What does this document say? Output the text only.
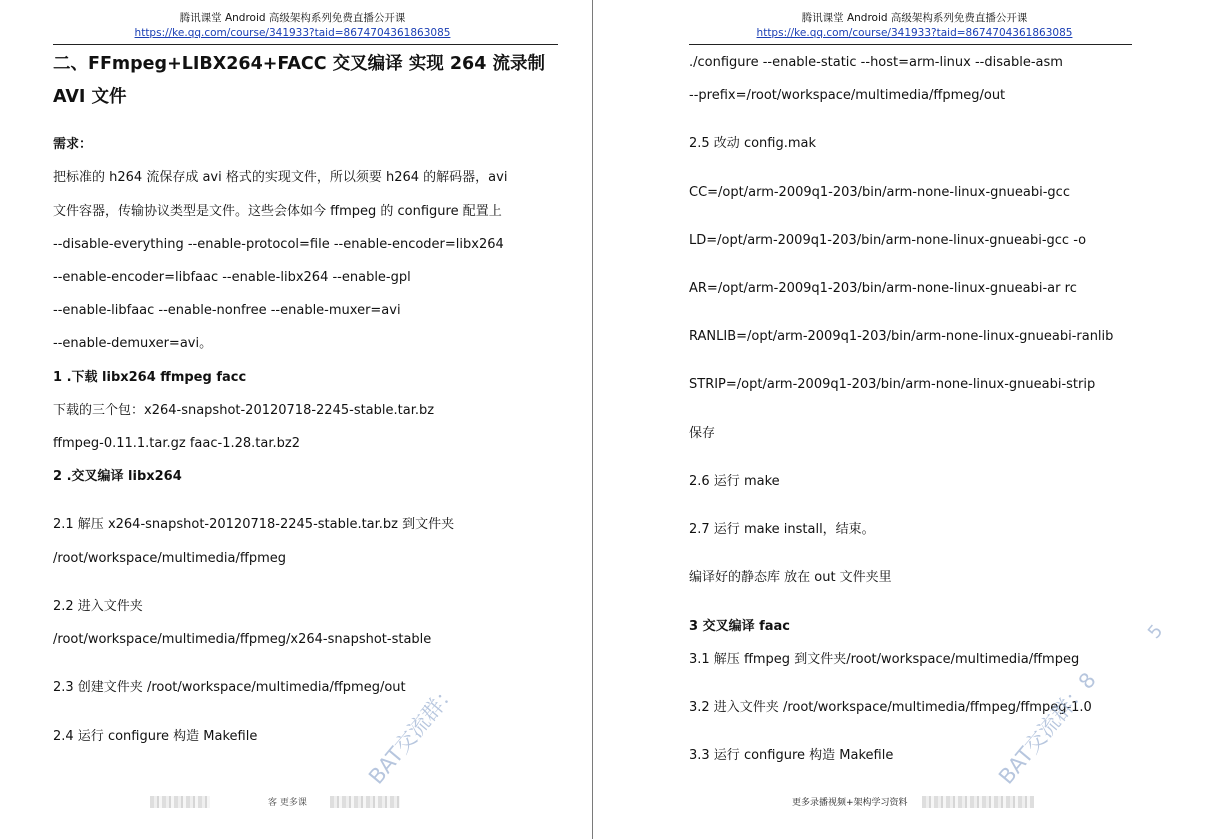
腾讯课堂 Android 高级架构系列免费直播公开课
https://ke.qq.com/course/341933?taid=8674704361863085
二、FFmpeg+LIBX264+FACC 交叉编译 实现 264 流录制
AVI 文件
需求：
把标准的 h264 流保存成 avi 格式的实现文件，所以须要 h264 的解码器，avi
文件容器，传输协议类型是文件。这些会体如今 ffmpeg 的 configure 配置上
--disable-everything --enable-protocol=file --enable-encoder=libx264
--enable-encoder=libfaac --enable-libx264 --enable-gpl
--enable-libfaac --enable-nonfree --enable-muxer=avi
--enable-demuxer=avi。
1 .下载 libx264 ffmpeg facc
下载的三个包：x264-snapshot-20120718-2245-stable.tar.bz
ffmpeg-0.11.1.tar.gz faac-1.28.tar.bz2
2 .交叉编译 libx264
2.1 解压 x264-snapshot-20120718-2245-stable.tar.bz 到文件夹
/root/workspace/multimedia/ffpmeg
2.2 进入文件夹
/root/workspace/multimedia/ffpmeg/x264-snapshot-stable
2.3 创建文件夹 /root/workspace/multimedia/ffpmeg/out
2.4 运行 configure 构造 Makefile
客 更多课
BAT交流群：
腾讯课堂 Android 高级架构系列免费直播公开课
https://ke.qq.com/course/341933?taid=8674704361863085
./configure --enable-static --host=arm-linux --disable-asm
--prefix=/root/workspace/multimedia/ffpmeg/out
2.5 改动 config.mak
CC=/opt/arm-2009q1-203/bin/arm-none-linux-gnueabi-gcc
LD=/opt/arm-2009q1-203/bin/arm-none-linux-gnueabi-gcc -o
AR=/opt/arm-2009q1-203/bin/arm-none-linux-gnueabi-ar rc
RANLIB=/opt/arm-2009q1-203/bin/arm-none-linux-gnueabi-ranlib
STRIP=/opt/arm-2009q1-203/bin/arm-none-linux-gnueabi-strip
保存
2.6 运行 make
2.7 运行 make install，结束。
编译好的静态库 放在 out 文件夹里
3 交叉编译 faac
3.1 解压 ffmpeg 到文件夹/root/workspace/multimedia/ffmpeg
3.2 进入文件夹 /root/workspace/multimedia/ffmpeg/ffmpeg-1.0
3.3 运行 configure 构造 Makefile
更多录播视频+架构学习资料
BAT交流群：8
5
